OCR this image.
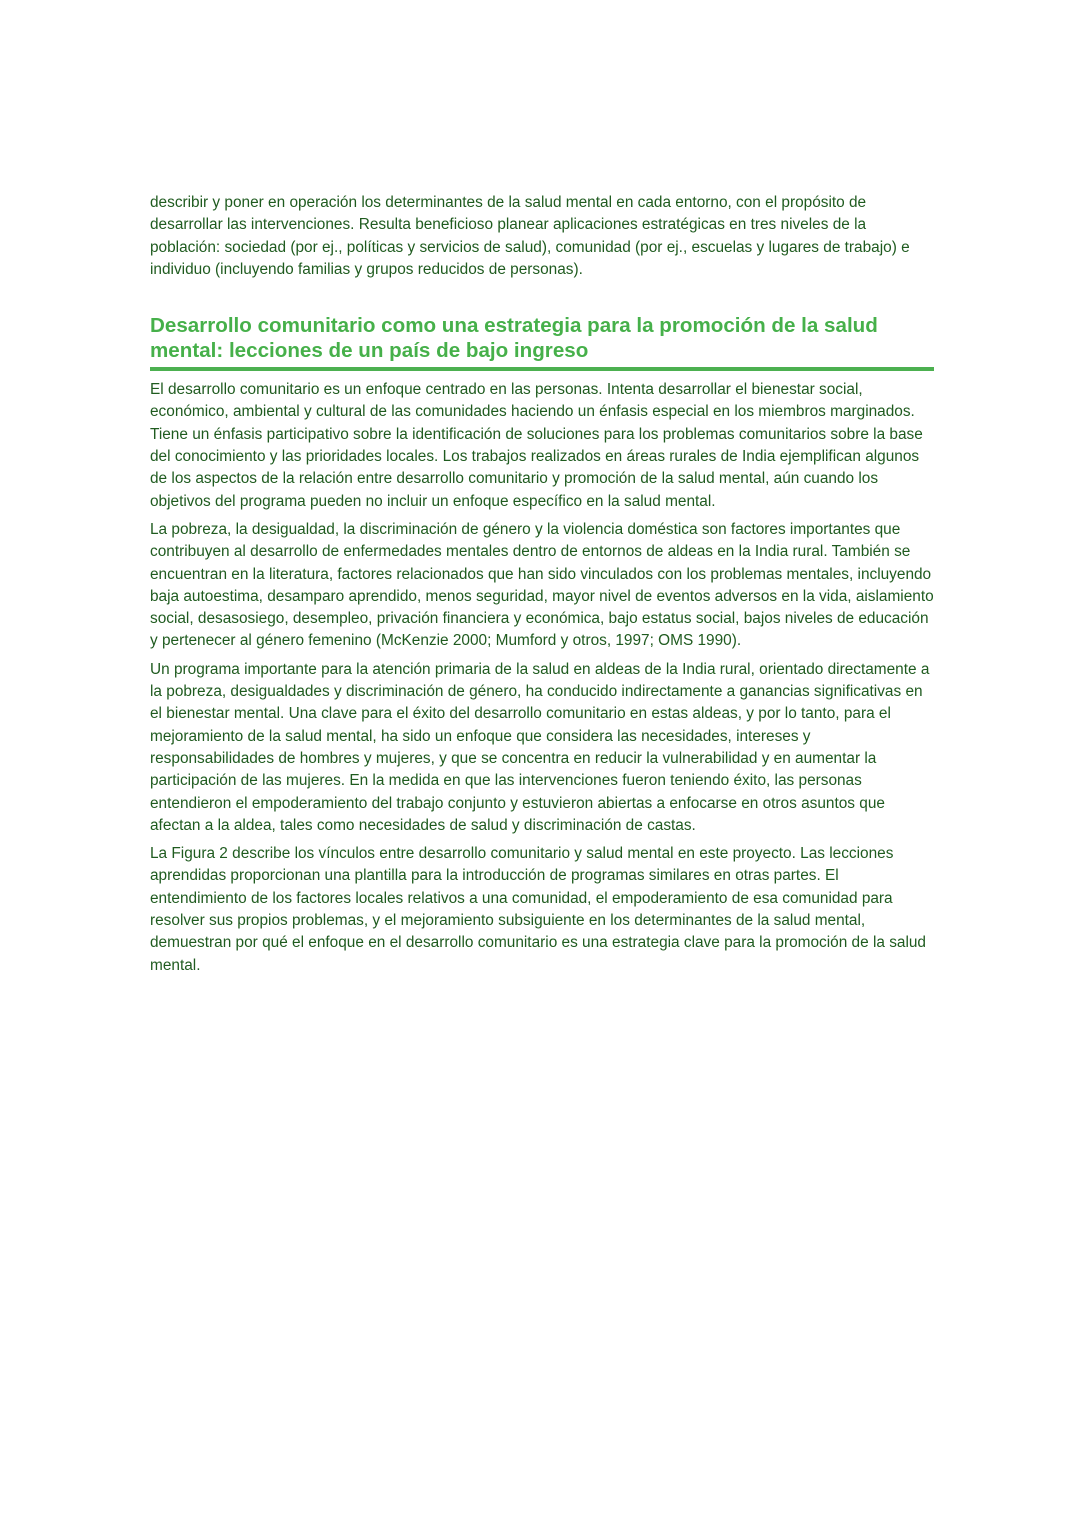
describir y poner en operación los determinantes de la salud mental en cada entorno, con el propósito de desarrollar las intervenciones. Resulta beneficioso planear aplicaciones estratégicas en tres niveles de la población: sociedad (por ej., políticas y servicios de salud), comunidad (por ej., escuelas y lugares de trabajo) e individuo (incluyendo familias y grupos reducidos de personas).

Desarrollo comunitario como una estrategia para la promoción de la salud mental: lecciones de un país de bajo ingreso

El desarrollo comunitario es un enfoque centrado en las personas. Intenta desarrollar el bienestar social, económico, ambiental y cultural de las comunidades haciendo un énfasis especial en los miembros marginados. Tiene un énfasis participativo sobre la identificación de soluciones para los problemas comunitarios sobre la base del conocimiento y las prioridades locales. Los trabajos realizados en áreas rurales de India ejemplifican algunos de los aspectos de la relación entre desarrollo comunitario y promoción de la salud mental, aún cuando los objetivos del programa pueden no incluir un enfoque específico en la salud mental.

La pobreza, la desigualdad, la discriminación de género y la violencia doméstica son factores importantes que contribuyen al desarrollo de enfermedades mentales dentro de entornos de aldeas en la India rural. También se encuentran en la literatura, factores relacionados que han sido vinculados con los problemas mentales, incluyendo baja autoestima, desamparo aprendido, menos seguridad, mayor nivel de eventos adversos en la vida, aislamiento social, desasosiego, desempleo, privación financiera y económica, bajo estatus social, bajos niveles de educación y pertenecer al género femenino (McKenzie 2000; Mumford y otros, 1997; OMS 1990).

Un programa importante para la atención primaria de la salud en aldeas de la India rural, orientado directamente a la pobreza, desigualdades y discriminación de género, ha conducido indirectamente a ganancias significativas en el bienestar mental. Una clave para el éxito del desarrollo comunitario en estas aldeas, y por lo tanto, para el mejoramiento de la salud mental, ha sido un enfoque que considera las necesidades, intereses y responsabilidades de hombres y mujeres, y que se concentra en reducir la vulnerabilidad y en aumentar la participación de las mujeres. En la medida en que las intervenciones fueron teniendo éxito, las personas entendieron el empoderamiento del trabajo conjunto y estuvieron abiertas a enfocarse en otros asuntos que afectan a la aldea, tales como necesidades de salud y discriminación de castas.

La Figura 2 describe los vínculos entre desarrollo comunitario y salud mental en este proyecto. Las lecciones aprendidas proporcionan una plantilla para la introducción de programas similares en otras partes. El entendimiento de los factores locales relativos a una comunidad, el empoderamiento de esa comunidad para resolver sus propios problemas, y el mejoramiento subsiguiente en los determinantes de la salud mental, demuestran por qué el enfoque en el desarrollo comunitario es una estrategia clave para la promoción de la salud mental.
